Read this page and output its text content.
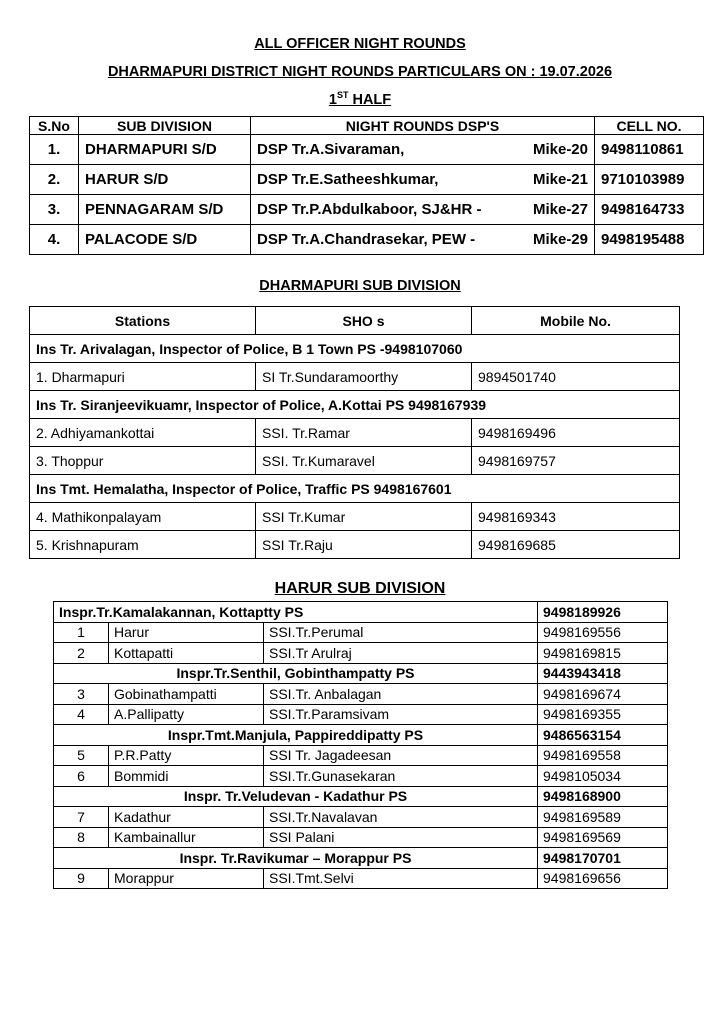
ALL OFFICER NIGHT ROUNDS
DHARMAPURI DISTRICT NIGHT ROUNDS PARTICULARS ON : 19.07.2026
1ST HALF
S.No	SUB DIVISION	NIGHT ROUNDS DSP'S	CELL NO.
1.	DHARMAPURI S/D	DSP Tr.A.Sivaraman, Mike-20	9498110861
2.	HARUR S/D	DSP Tr.E.Satheeshkumar, Mike-21	9710103989
3.	PENNAGARAM S/D	DSP Tr.P.Abdulkaboor, SJ&HR - Mike-27	9498164733
4.	PALACODE S/D	DSP Tr.A.Chandrasekar, PEW - Mike-29	9498195488
DHARMAPURI SUB DIVISION
Stations	SHO s	Mobile No.
Ins Tr. Arivalagan, Inspector of Police, B 1 Town PS -9498107060		
1. Dharmapuri	SI Tr.Sundaramoorthy	9894501740
Ins Tr. Siranjeevikuamr, Inspector of Police, A.Kottai PS 9498167939		
2. Adhiyamankottai	SSI. Tr.Ramar	9498169496
3. Thoppur	SSI. Tr.Kumaravel	9498169757
Ins Tmt. Hemalatha, Inspector of Police, Traffic PS 9498167601		
4. Mathikonpalayam	SSI Tr.Kumar	9498169343
5. Krishnapuram	SSI Tr.Raju	9498169685
HARUR SUB DIVISION
Inspr.Tr.Kamalakannan, Kottaptty PS			9498189926
1	Harur	SSI.Tr.Perumal	9498169556
2	Kottapatti	SSI.Tr Arulraj	9498169815
Inspr.Tr.Senthil, Gobinthampatty PS			9443943418
3	Gobinathampatti	SSI.Tr. Anbalagan	9498169674
4	A.Pallipatty	SSI.Tr.Paramsivam	9498169355
Inspr.Tmt.Manjula, Pappireddipatty PS			9486563154
5	P.R.Patty	SSI Tr. Jagadeesan	9498169558
6	Bommidi	SSI.Tr.Gunasekaran	9498105034
Inspr. Tr.Veludevan - Kadathur PS			9498168900
7	Kadathur	SSI.Tr.Navalavan	9498169589
8	Kambainallur	SSI Palani	9498169569
Inspr. Tr.Ravikumar – Morappur PS			9498170701
9	Morappur	SSI.Tmt.Selvi	9498169656
